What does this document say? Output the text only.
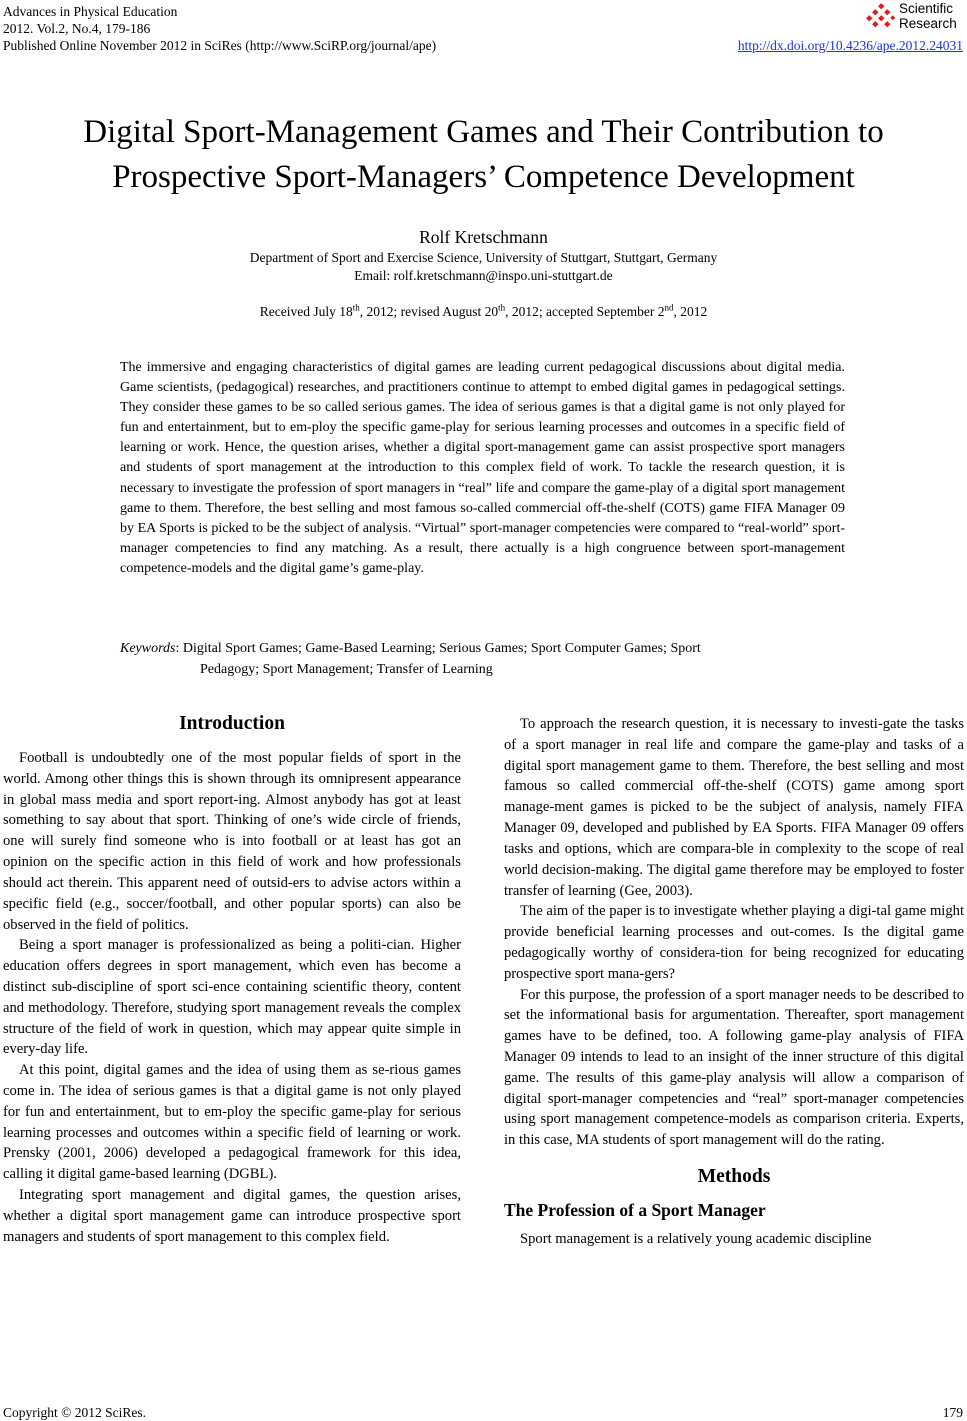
Advances in Physical Education
2012. Vol.2, No.4, 179-186
Published Online November 2012 in SciRes (http://www.SciRP.org/journal/ape)	http://dx.doi.org/10.4236/ape.2012.24031
Scientific
Research
Digital Sport-Management Games and Their Contribution to
Prospective Sport-Managers’ Competence Development
Rolf Kretschmann
Department of Sport and Exercise Science, University of Stuttgart, Stuttgart, Germany
Email: rolf.kretschmann@inspo.uni-stuttgart.de
Received July 18th, 2012; revised August 20th, 2012; accepted September 2nd, 2012
The immersive and engaging characteristics of digital games are leading current pedagogical discussions about digital media. Game scientists, (pedagogical) researches, and practitioners continue to attempt to embed digital games in pedagogical settings. They consider these games to be so called serious games. The idea of serious games is that a digital game is not only played for fun and entertainment, but to em-ploy the specific game-play for serious learning processes and outcomes in a specific field of learning or work. Hence, the question arises, whether a digital sport-management game can assist prospective sport managers and students of sport management at the introduction to this complex field of work. To tackle the research question, it is necessary to investigate the profession of sport managers in “real” life and compare the game-play of a digital sport management game to them. Therefore, the best selling and most famous so-called commercial off-the-shelf (COTS) game FIFA Manager 09 by EA Sports is picked to be the subject of analysis. “Virtual” sport-manager competencies were compared to “real-world” sport-manager competencies to find any matching. As a result, there actually is a high congruence between sport-management competence-models and the digital game’s game-play.
Keywords: Digital Sport Games; Game-Based Learning; Serious Games; Sport Computer Games; Sport
Pedagogy; Sport Management; Transfer of Learning
Introduction

Football is undoubtedly one of the most popular fields of sport in the world. Among other things this is shown through its omnipresent appearance in global mass media and sport report-ing. Almost anybody has got at least something to say about that sport. Thinking of one’s wide circle of friends, one will surely find someone who is into football or at least has got an opinion on the specific action in this field of work and how professionals should act therein. This apparent need of outsid-ers to advise actors within a specific field (e.g., soccer/football, and other popular sports) can also be observed in the field of politics.

Being a sport manager is professionalized as being a politi-cian. Higher education offers degrees in sport management, which even has become a distinct sub-discipline of sport sci-ence containing scientific theory, content and methodology. Therefore, studying sport management reveals the complex structure of the field of work in question, which may appear quite simple in every-day life.

At this point, digital games and the idea of using them as se-rious games come in. The idea of serious games is that a digital game is not only played for fun and entertainment, but to em-ploy the specific game-play for serious learning processes and outcomes within a specific field of learning or work. Prensky (2001, 2006) developed a pedagogical framework for this idea, calling it digital game-based learning (DGBL).

Integrating sport management and digital games, the question arises, whether a digital sport management game can introduce prospective sport managers and students of sport management to this complex field.

To approach the research question, it is necessary to investi-gate the tasks of a sport manager in real life and compare the game-play and tasks of a digital sport management game to them. Therefore, the best selling and most famous so called commercial off-the-shelf (COTS) game among sport manage-ment games is picked to be the subject of analysis, namely FIFA Manager 09, developed and published by EA Sports. FIFA Manager 09 offers tasks and options, which are compara-ble in complexity to the scope of real world decision-making. The digital game therefore may be employed to foster transfer of learning (Gee, 2003).

The aim of the paper is to investigate whether playing a digi-tal game might provide beneficial learning processes and out-comes. Is the digital game pedagogically worthy of considera-tion for being recognized for educating prospective sport mana-gers?

For this purpose, the profession of a sport manager needs to be described to set the informational basis for argumentation. Thereafter, sport management games have to be defined, too. A following game-play analysis of FIFA Manager 09 intends to lead to an insight of the inner structure of this digital game. The results of this game-play analysis will allow a comparison of digital sport-manager competencies and “real” sport-manager competencies using sport management competence-models as comparison criteria. Experts, in this case, MA students of sport management will do the rating.

Methods
The Profession of a Sport Manager

Sport management is a relatively young academic discipline

Copyright © 2012 SciRes.	179
